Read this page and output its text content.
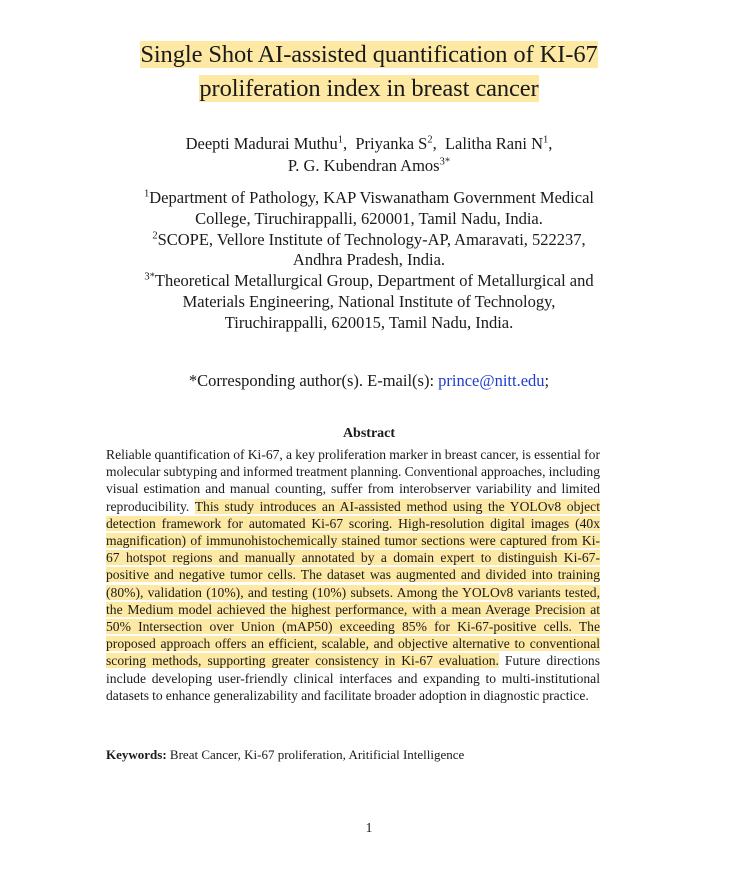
Single Shot AI-assisted quantification of KI-67
proliferation index in breast cancer
Deepti Madurai Muthu$^1$, Priyanka $S^2$, Lalitha Rani $N^1$,
P. G. Kubendran Amos$^{3*}$
$^1$Department of Pathology, KAP Viswanatham Government Medical
College, Tiruchirappalli, 620001, Tamil Nadu, India.
$^2$SCOPE, Vellore Institute of Technology-AP, Amaravati, 522237,
Andhra Pradesh, India.
$^{3*}$Theoretical Metallurgical Group, Department of Metallurgical and
Materials Engineering, National Institute of Technology,
Tiruchirappalli, 620015, Tamil Nadu, India.
*Corresponding author(s). E-mail(s): prince@nitt.edu;
Abstract
Reliable quantification of Ki-67, a key proliferation marker in breast cancer, is essential for molecular subtyping and informed treatment planning. Conventional approaches, including visual estimation and manual counting, suffer from interobserver variability and limited reproducibility. This study introduces an AI-assisted method using the YOLOv8 object detection framework for automated Ki-67 scoring. High-resolution digital images (40x magnification) of immunohistochemically stained tumor sections were captured from Ki-67 hotspot regions and manually annotated by a domain expert to distinguish Ki-67-positive and negative tumor cells. The dataset was augmented and divided into training (80%), validation (10%), and testing (10%) subsets. Among the YOLOv8 variants tested, the Medium model achieved the highest performance, with a mean Average Precision at 50% Intersection over Union (mAP50) exceeding 85% for Ki-67-positive cells. The proposed approach offers an efficient, scalable, and objective alternative to conventional scoring methods, supporting greater consistency in Ki-67 evaluation. Future directions include developing user-friendly clinical interfaces and expanding to multi-institutional datasets to enhance generalizability and facilitate broader adoption in diagnostic practice.
Keywords: Breat Cancer, Ki-67 proliferation, Aritificial Intelligence
1
